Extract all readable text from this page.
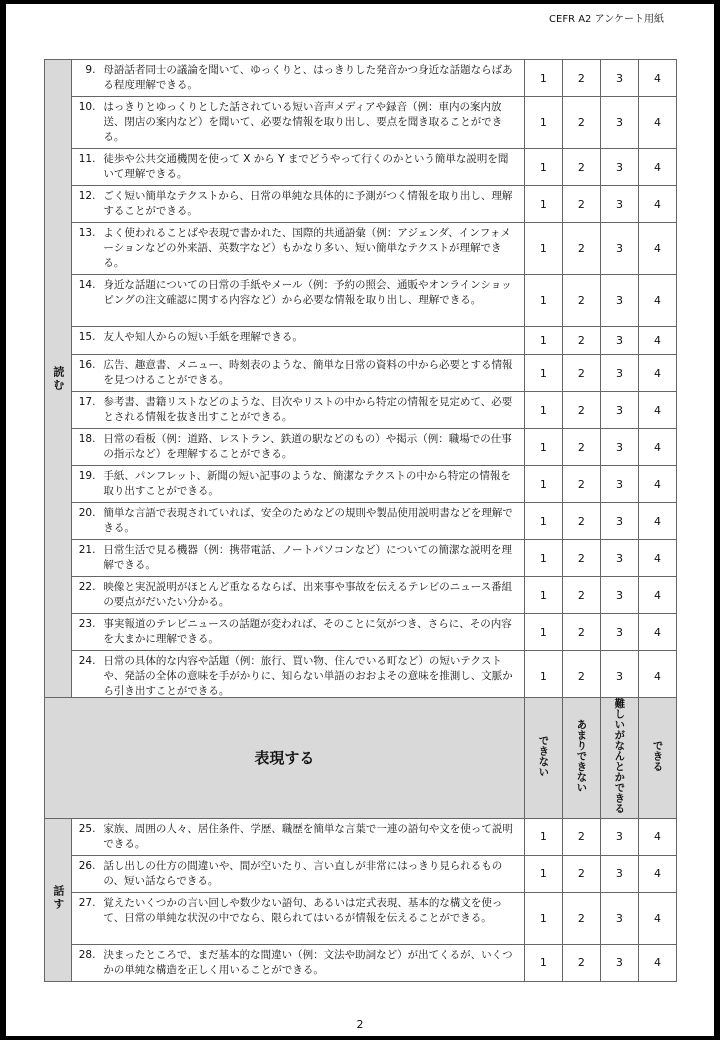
CEFR A2 アンケート用紙
読む	9.	母語話者同士の議論を聞いて、ゆっくりと、はっきりした発音かつ身近な話題ならばある程度理解できる。	1	2	3	4
	10.	はっきりとゆっくりとした話されている短い音声メディアや録音（例：車内の案内放送、閉店の案内など）を聞いて、必要な情報を取り出し、要点を聞き取ることができる。	1	2	3	4
	11.	徒歩や公共交通機関を使って X から Y までどうやって行くのかという簡単な説明を聞いて理解できる。	1	2	3	4
	12.	ごく短い簡単なテクストから、日常の単純な具体的に予測がつく情報を取り出し、理解することができる。	1	2	3	4
	13.	よく使われることばや表現で書かれた、国際的共通語彙（例：アジェンダ、インフォメーションなどの外来語、英数字など）もかなり多い、短い簡単なテクストが理解できる。	1	2	3	4
	14.	身近な話題についての日常の手紙やメール（例：予約の照会、通販やオンラインショッピングの注文確認に関する内容など）から必要な情報を取り出し、理解できる。	1	2	3	4
	15.	友人や知人からの短い手紙を理解できる。	1	2	3	4
	16.	広告、趣意書、メニュー、時刻表のような、簡単な日常の資料の中から必要とする情報を見つけることができる。	1	2	3	4
	17.	参考書、書籍リストなどのような、目次やリストの中から特定の情報を見定めて、必要とされる情報を抜き出すことができる。	1	2	3	4
	18.	日常の看板（例：道路、レストラン、鉄道の駅などのもの）や掲示（例：職場での仕事の指示など）を理解することができる。	1	2	3	4
	19.	手紙、パンフレット、新聞の短い記事のような、簡潔なテクストの中から特定の情報を取り出すことができる。	1	2	3	4
	20.	簡単な言語で表現されていれば、安全のためなどの規則や製品使用説明書などを理解できる。	1	2	3	4
	21.	日常生活で見る機器（例：携帯電話、ノートパソコンなど）についての簡潔な説明を理解できる。	1	2	3	4
	22.	映像と実況説明がほとんど重なるならば、出来事や事故を伝えるテレビのニュース番組の要点がだいたい分かる。	1	2	3	4
	23.	事実報道のテレビニュースの話題が変われば、そのことに気がつき、さらに、その内容を大まかに理解できる。	1	2	3	4
	24.	日常の具体的な内容や話題（例：旅行、買い物、住んでいる町など）の短いテクストや、発話の全体の意味を手がかりに、知らない単語のおおよその意味を推測し、文脈から引き出すことができる。	1	2	3	4
表現する			できない	あまりできない	難しいがなんとかできる	できる
話す	25.	家族、周囲の人々、居住条件、学歴、職歴を簡単な言葉で一連の語句や文を使って説明できる。	1	2	3	4
	26.	話し出しの仕方の間違いや、間が空いたり、言い直しが非常にはっきり見られるものの、短い話ならできる。	1	2	3	4
	27.	覚えたいくつかの言い回しや数少ない語句、あるいは定式表現、基本的な構文を使って、日常の単純な状況の中でなら、限られてはいるが情報を伝えることができる。	1	2	3	4
	28.	決まったところで、まだ基本的な間違い（例：文法や助詞など）が出てくるが、いくつかの単純な構造を正しく用いることができる。	1	2	3	4
2
